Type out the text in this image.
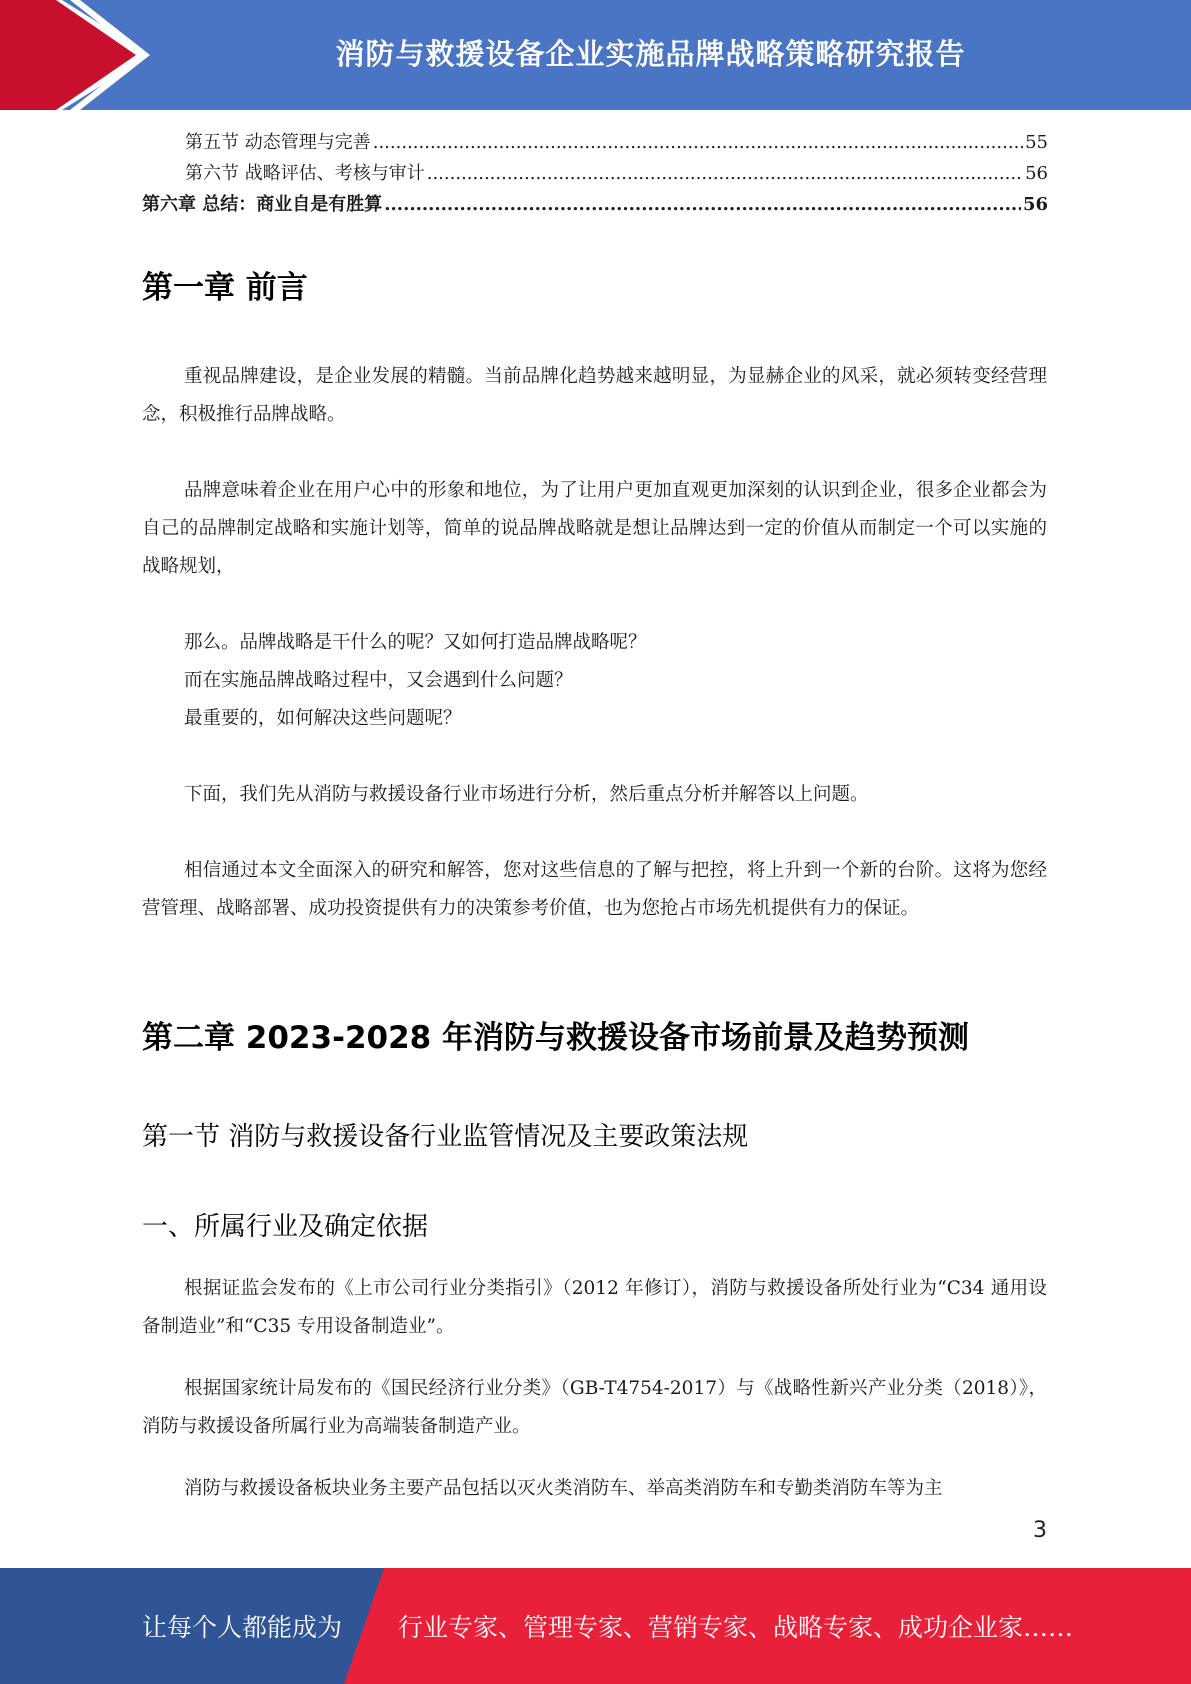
消防与救援设备企业实施品牌战略策略研究报告
第五节 动态管理与完善 .....	55
第六节 战略评估、考核与审计 .....	56
第六章 总结：商业自是有胜算 .....	56
第一章 前言

重视品牌建设，是企业发展的精髓。当前品牌化趋势越来越明显，为显赫企业的风采，就必须转变经营理念，积极推行品牌战略。

品牌意味着企业在用户心中的形象和地位，为了让用户更加直观更加深刻的认识到企业，很多企业都会为自己的品牌制定战略和实施计划等，简单的说品牌战略就是想让品牌达到一定的价值从而制定一个可以实施的战略规划，

那么。品牌战略是干什么的呢？又如何打造品牌战略呢？

而在实施品牌战略过程中，又会遇到什么问题？

最重要的，如何解决这些问题呢？

下面，我们先从消防与救援设备行业市场进行分析，然后重点分析并解答以上问题。

相信通过本文全面深入的研究和解答，您对这些信息的了解与把控，将上升到一个新的台阶。这将为您经营管理、战略部署、成功投资提供有力的决策参考价值，也为您抢占市场先机提供有力的保证。

第二章 2023-2028 年消防与救援设备市场前景及趋势预测
第一节 消防与救援设备行业监管情况及主要政策法规
一、所属行业及确定依据

根据证监会发布的《上市公司行业分类指引》（2012 年修订），消防与救援设备所处行业为“C34 通用设备制造业”和“C35 专用设备制造业”。

根据国家统计局发布的《国民经济行业分类》（GB-T4754-2017）与《战略性新兴产业分类（2018）》，消防与救援设备所属行业为高端装备制造产业。

消防与救援设备板块业务主要产品包括以灭火类消防车、举高类消防车和专勤类消防车等为主

3
让每个人都能成为 行业专家、管理专家、营销专家、战略专家、成功企业家……
